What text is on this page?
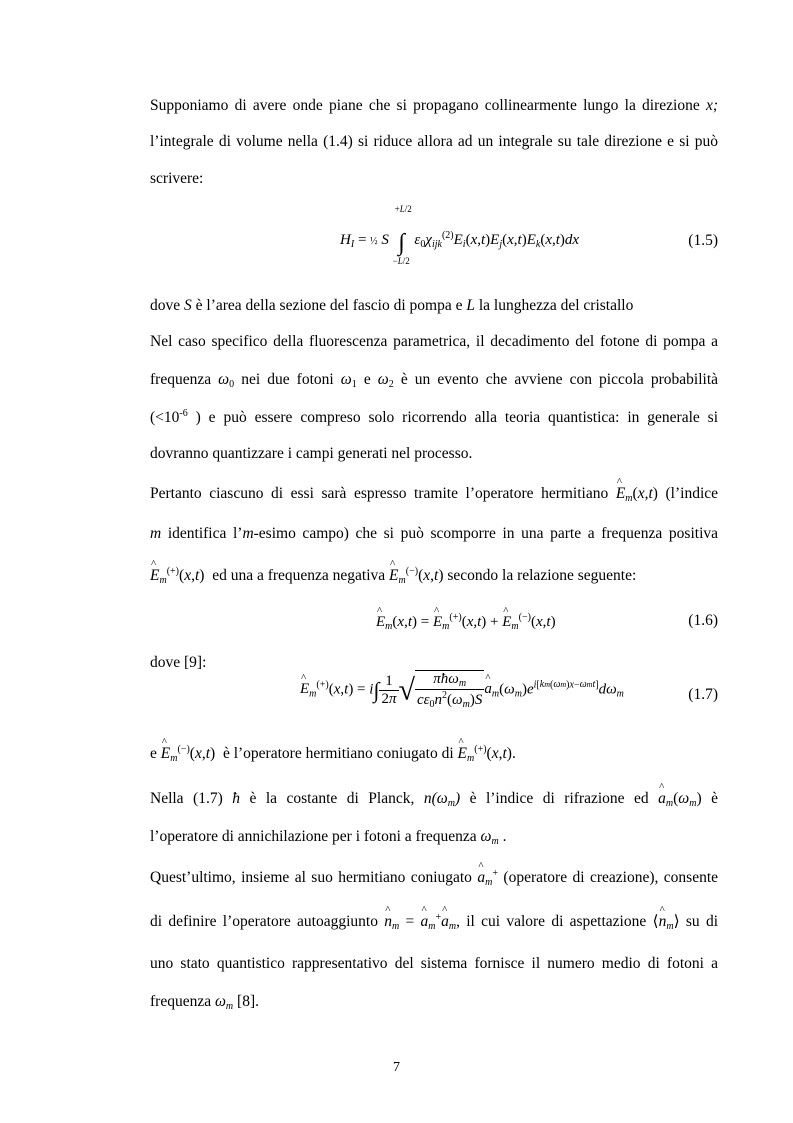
Supponiamo di avere onde piane che si propagano collinearmente lungo la direzione x;
l’integrale di volume nella (1.4) si riduce allora ad un integrale su tale direzione e si può
scrivere:
$H_I$ = ½ S
+L/2
∫
−L/2
$\varepsilon_0\chi_{ijk}^{(2)}E_i(x,t)E_j(x,t)E_k(x,t)dx$	(1.5)
dove S è l’area della sezione del fascio di pompa e L la lunghezza del cristallo
Nel caso specifico della fluorescenza parametrica, il decadimento del fotone di pompa a
frequenza $\omega_0$ nei due fotoni $\omega_1$ e $\omega_2$ è un evento che avviene con piccola probabilità
($<10^{-6}$ ) e può essere compreso solo ricorrendo alla teoria quantistica: in generale si
dovranno quantizzare i campi generati nel processo.
Pertanto ciascuno di essi sarà espresso tramite l’operatore hermitiano ^ $E_m(x,t)$ (l’indice
m identifica l’m-esimo campo) che si può scomporre in una parte a frequenza positiva
^ $E_m^{(+)}(x,t)$  ed una a frequenza negativa ^ $E_m^{(-)}(x,t)$ secondo la relazione seguente:
^ $E_m(x,t)$ = ^ $E_m^{(+)}(x,t)$ + ^ $E_m^{(-)}(x,t)$	(1.6)
dove [9]:
^ $E_m^{(+)}(x,t) = i\int \frac{1}{2\pi}$ √ $\frac{\pi ħ\omega_m}{c\varepsilon_0n^2(\omega_m)S}$ ^ $a_m(\omega_m)e^{i[km(\omega m)x-\omega mt]}d\omega_m$	(1.7)
e ^ $E_m^{(-)}(x,t)$  è l’operatore hermitiano coniugato di ^ $E_m^{(+)}(x,t)$.
Nella (1.7) ħ è la costante di Planck, $n(\omega_m)$ è l’indice di rifrazione ed ^ $a_m(\omega_m)$ è
l’operatore di annichilazione per i fotoni a frequenza $\omega_m$ .
Quest’ultimo, insieme al suo hermitiano coniugato ^ $a_m^+$ (operatore di creazione), consente
di definire l’operatore autoaggiunto ^ $n_m$ = ^ $a_m^+\^{}$ $a_m$, il cui valore di aspettazione ⟨^ $n_m⟩$ su di
uno stato quantistico rappresentativo del sistema fornisce il numero medio di fotoni a
frequenza $\omega_m$ [8].
7
